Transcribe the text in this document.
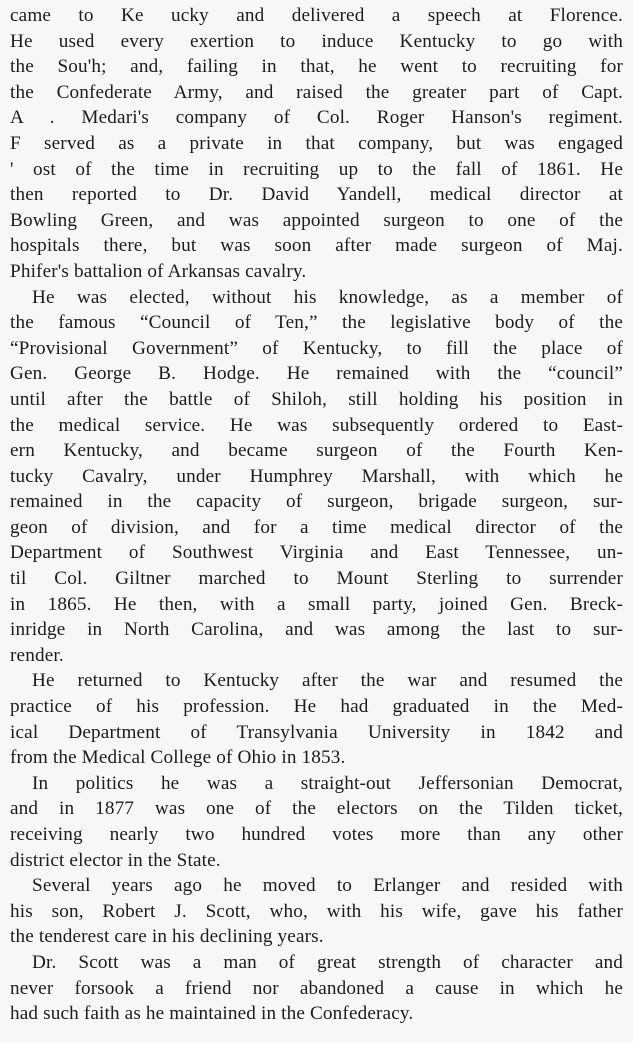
came to Ke ucky and delivered a speech at Florence.
He used every exertion to induce Kentucky to go with
the Sou'h; and, failing in that, he went to recruiting for
the Confederate Army, and raised the greater part of Capt.
A . Medari's company of Col. Roger Hanson's regiment.
F served as a private in that company, but was engaged
' ost of the time in recruiting up to the fall of 1861. He
then reported to Dr. David Yandell, medical director at
Bowling Green, and was appointed surgeon to one of the
hospitals there, but was soon after made surgeon of Maj.
Phifer's battalion of Arkansas cavalry.
He was elected, without his knowledge, as a member of
the famous “Council of Ten,” the legislative body of the
“Provisional Government” of Kentucky, to fill the place of
Gen. George B. Hodge. He remained with the “council”
until after the battle of Shiloh, still holding his position in
the medical service. He was subsequently ordered to East-
ern Kentucky, and became surgeon of the Fourth Ken-
tucky Cavalry, under Humphrey Marshall, with which he
remained in the capacity of surgeon, brigade surgeon, sur-
geon of division, and for a time medical director of the
Department of Southwest Virginia and East Tennessee, un-
til Col. Giltner marched to Mount Sterling to surrender
in 1865. He then, with a small party, joined Gen. Breck-
inridge in North Carolina, and was among the last to sur-
render.
He returned to Kentucky after the war and resumed the
practice of his profession. He had graduated in the Med-
ical Department of Transylvania University in 1842 and
from the Medical College of Ohio in 1853.
In politics he was a straight-out Jeffersonian Democrat,
and in 1877 was one of the electors on the Tilden ticket,
receiving nearly two hundred votes more than any other
district elector in the State.
Several years ago he moved to Erlanger and resided with
his son, Robert J. Scott, who, with his wife, gave his father
the tenderest care in his declining years.
Dr. Scott was a man of great strength of character and
never forsook a friend nor abandoned a cause in which he
had such faith as he maintained in the Confederacy.
